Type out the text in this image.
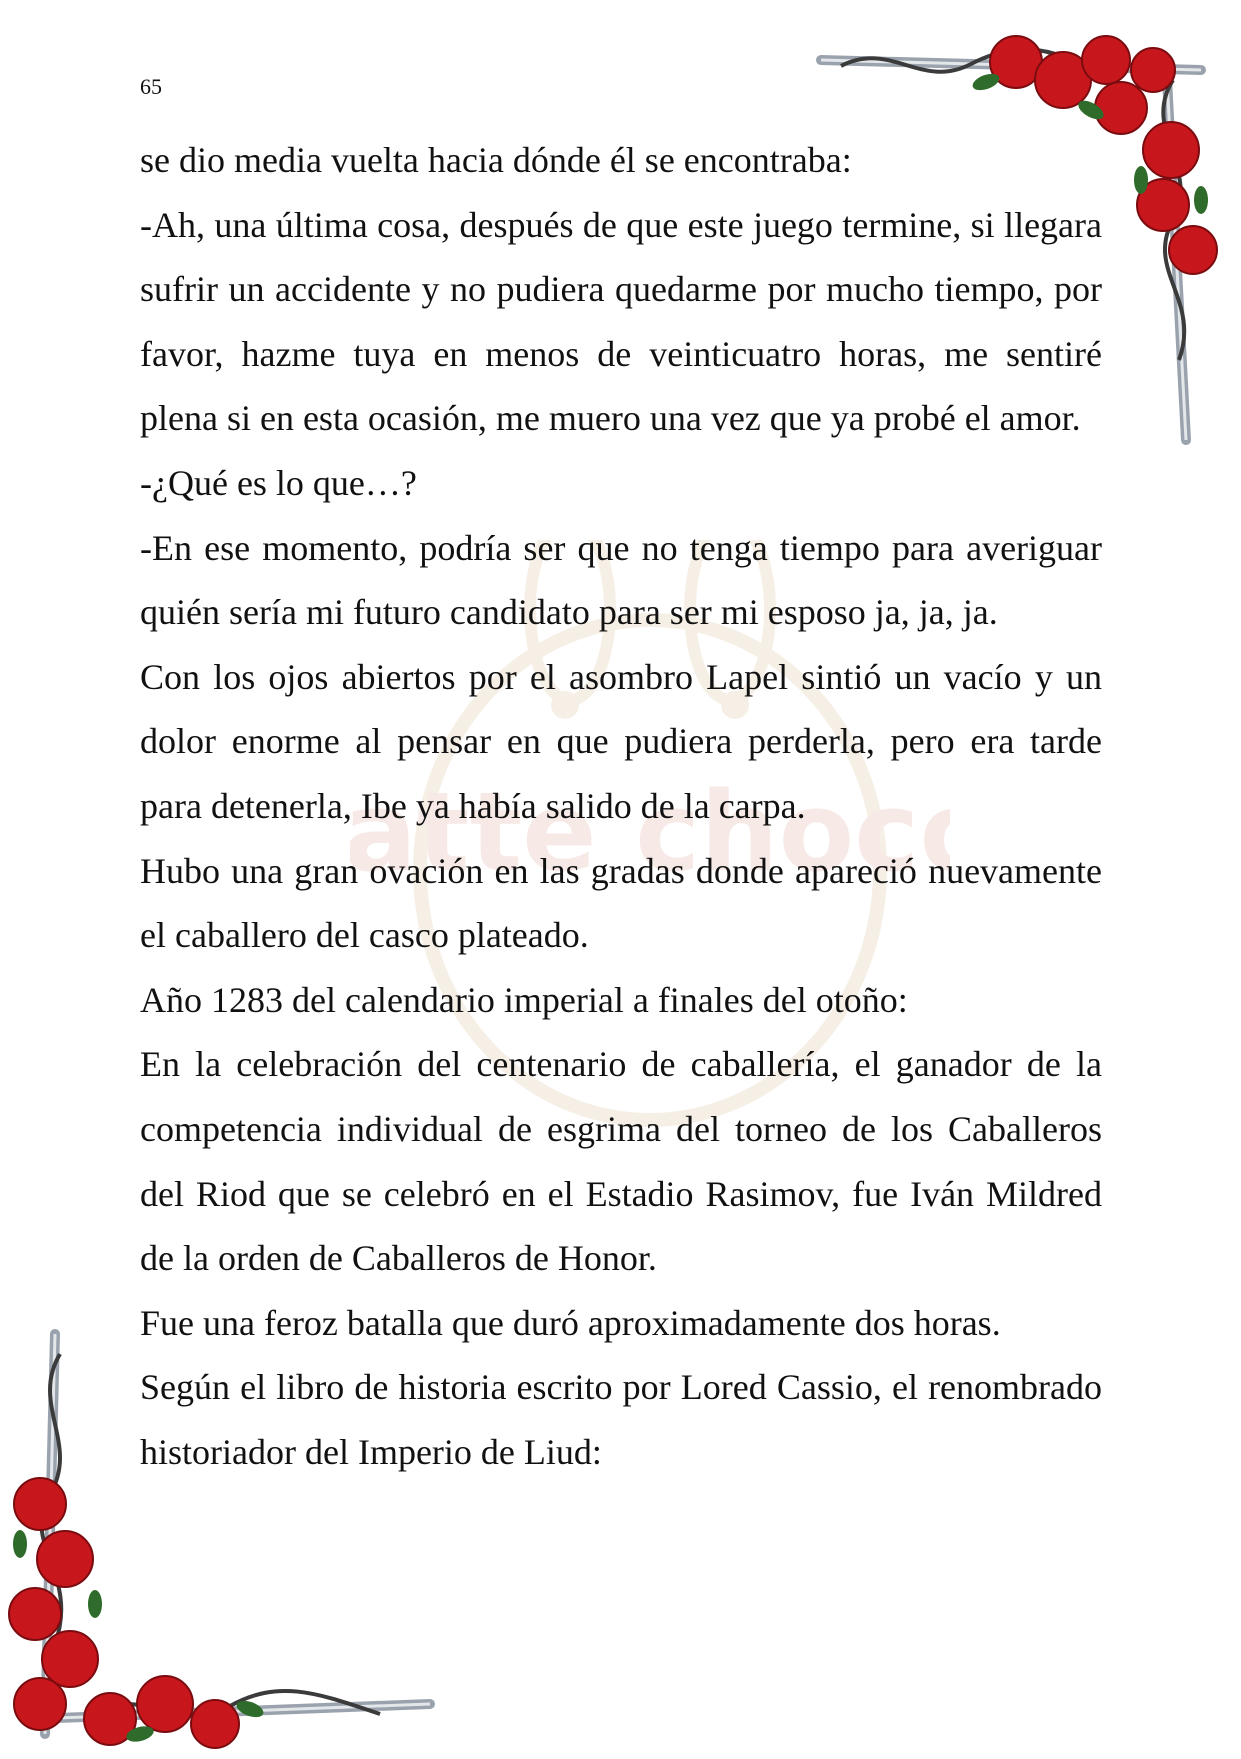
atte choc
65

se dio media vuelta hacia dónde él se encontraba:

-Ah, una última cosa, después de que este juego termine, si llegara sufrir un accidente y no pudiera quedarme por mucho tiempo, por favor, hazme tuya en menos de veinticuatro horas, me sentiré plena si en esta ocasión, me muero una vez que ya probé el amor.

-¿Qué es lo que…?

-En ese momento, podría ser que no tenga tiempo para averiguar quién sería mi futuro candidato para ser mi esposo ja, ja, ja.

Con los ojos abiertos por el asombro Lapel sintió un vacío y un dolor enorme al pensar en que pudiera perderla, pero era tarde para detenerla, Ibe ya había salido de la carpa.

Hubo una gran ovación en las gradas donde apareció nuevamente el caballero del casco plateado.

Año 1283 del calendario imperial a finales del otoño:

En la celebración del centenario de caballería, el ganador de la competencia individual de esgrima del torneo de los Caballeros del Riod que se celebró en el Estadio Rasimov, fue Iván Mildred de la orden de Caballeros de Honor.

Fue una feroz batalla que duró aproximadamente dos horas.

Según el libro de historia escrito por Lored Cassio, el renombrado historiador del Imperio de Liud:
